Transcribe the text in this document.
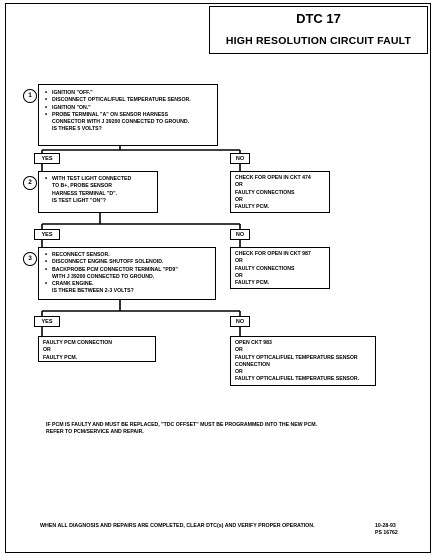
DTC 17
HIGH RESOLUTION CIRCUIT FAULT
1	• IGNITION "OFF."
• DISCONNECT OPTICAL/FUEL TEMPERATURE SENSOR.
• IGNITION "ON."
• PROBE TERMINAL "A" ON SENSOR HARNESS
CONNECTOR WITH J 39200 CONNECTED TO GROUND.
IS THERE 5 VOLTS?
YES	NO
2	• WITH TEST LIGHT CONNECTED
TO B+, PROBE SENSOR
HARNESS TERMINAL "D".
IS TEST LIGHT "ON"?
CHECK FOR OPEN IN CKT 474
OR
FAULTY CONNECTIONS
OR
FAULTY PCM.
YES	NO
3	• RECONNECT SENSOR.
• DISCONNECT ENGINE SHUTOFF SOLENOID.
• BACKPROBE PCM CONNECTOR TERMINAL "PD9"
WITH J 39200 CONNECTED TO GROUND.
• CRANK ENGINE.
IS THERE BETWEEN 2-3 VOLTS?
CHECK FOR OPEN IN CKT 987
OR
FAULTY CONNECTIONS
OR
FAULTY PCM.
YES	NO
FAULTY PCM CONNECTION
OR
FAULTY PCM.
OPEN CKT 983
OR
FAULTY OPTICAL/FUEL TEMPERATURE SENSOR
CONNECTION
OR
FAULTY OPTICAL/FUEL TEMPERATURE SENSOR.
IF PCM IS FAULTY AND MUST BE REPLACED, "TDC OFFSET" MUST BE PROGRAMMED INTO THE NEW PCM.
REFER TO PCM/SERVICE AND REPAIR.
WHEN ALL DIAGNOSIS AND REPAIRS ARE COMPLETED, CLEAR DTC(s) AND VERIFY PROPER OPERATION.	10-28-93
PS 16762
